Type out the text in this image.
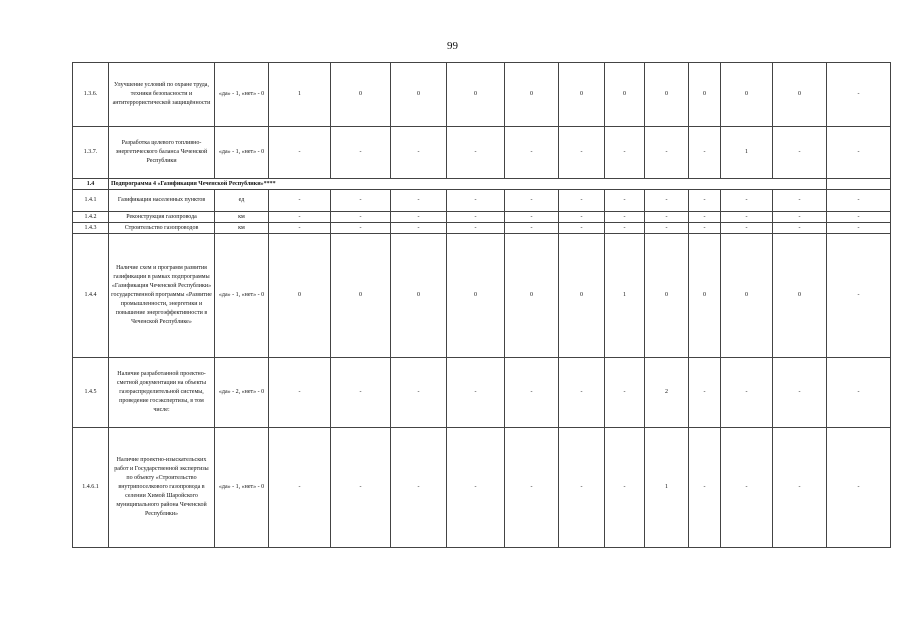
99
1.3.6.	Улучшение условий по охране труда, техники безопасности и антитеррористической защищённости	«да» - 1, «нет» - 0	1	0	0	0	0	0	0	0	0	0	0	-
1.3.7.	Разработка целевого топливно-энергетического баланса Чеченской Республики	«да» - 1, «нет» - 0	-	-	-	-	-	-	-	-	-	1	-	-
1.4	Подпрограмма 4 «Газификация Чеченской Республики»****													
1.4.1	Газификация населенных пунктов	ед	-	-	-	-	-	-	-	-	-	-	-	-
1.4.2	Реконструкция газопровода	км	-	-	-	-	-	-	-	-	-	-	-	-
1.4.3	Строительство газопроводов	км	-	-	-	-	-	-	-	-	-	-	-	-
1.4.4	Наличие схем и программ развития газификации в рамках подпрограммы «Газификация Чеченской Республики» государственной программы «Развитие промышленности, энергетики и повышение энергоэффективности в Чеченской Республике»	«да» - 1, «нет» - 0	0	0	0	0	0	0	1	0	0	0	0	-
1.4.5	Наличие разработанной проектно-сметной документации на объекты газораспределительной системы, проведение госэкспертизы, в том числе:	«да» - 2, «нет» - 0	-	-	-	-	-	-	-	2	-	-	-	-
1.4.6.1	Наличие проектно-изыскательских работ и Государственной экспертизы по объекту «Строительство внутрипоселкового газопровода в селении Химой Шаройского муниципального района Чеченской Республики»	«да» - 1, «нет» - 0	-	-	-	-	-	-	-	1	-	-	-	-
